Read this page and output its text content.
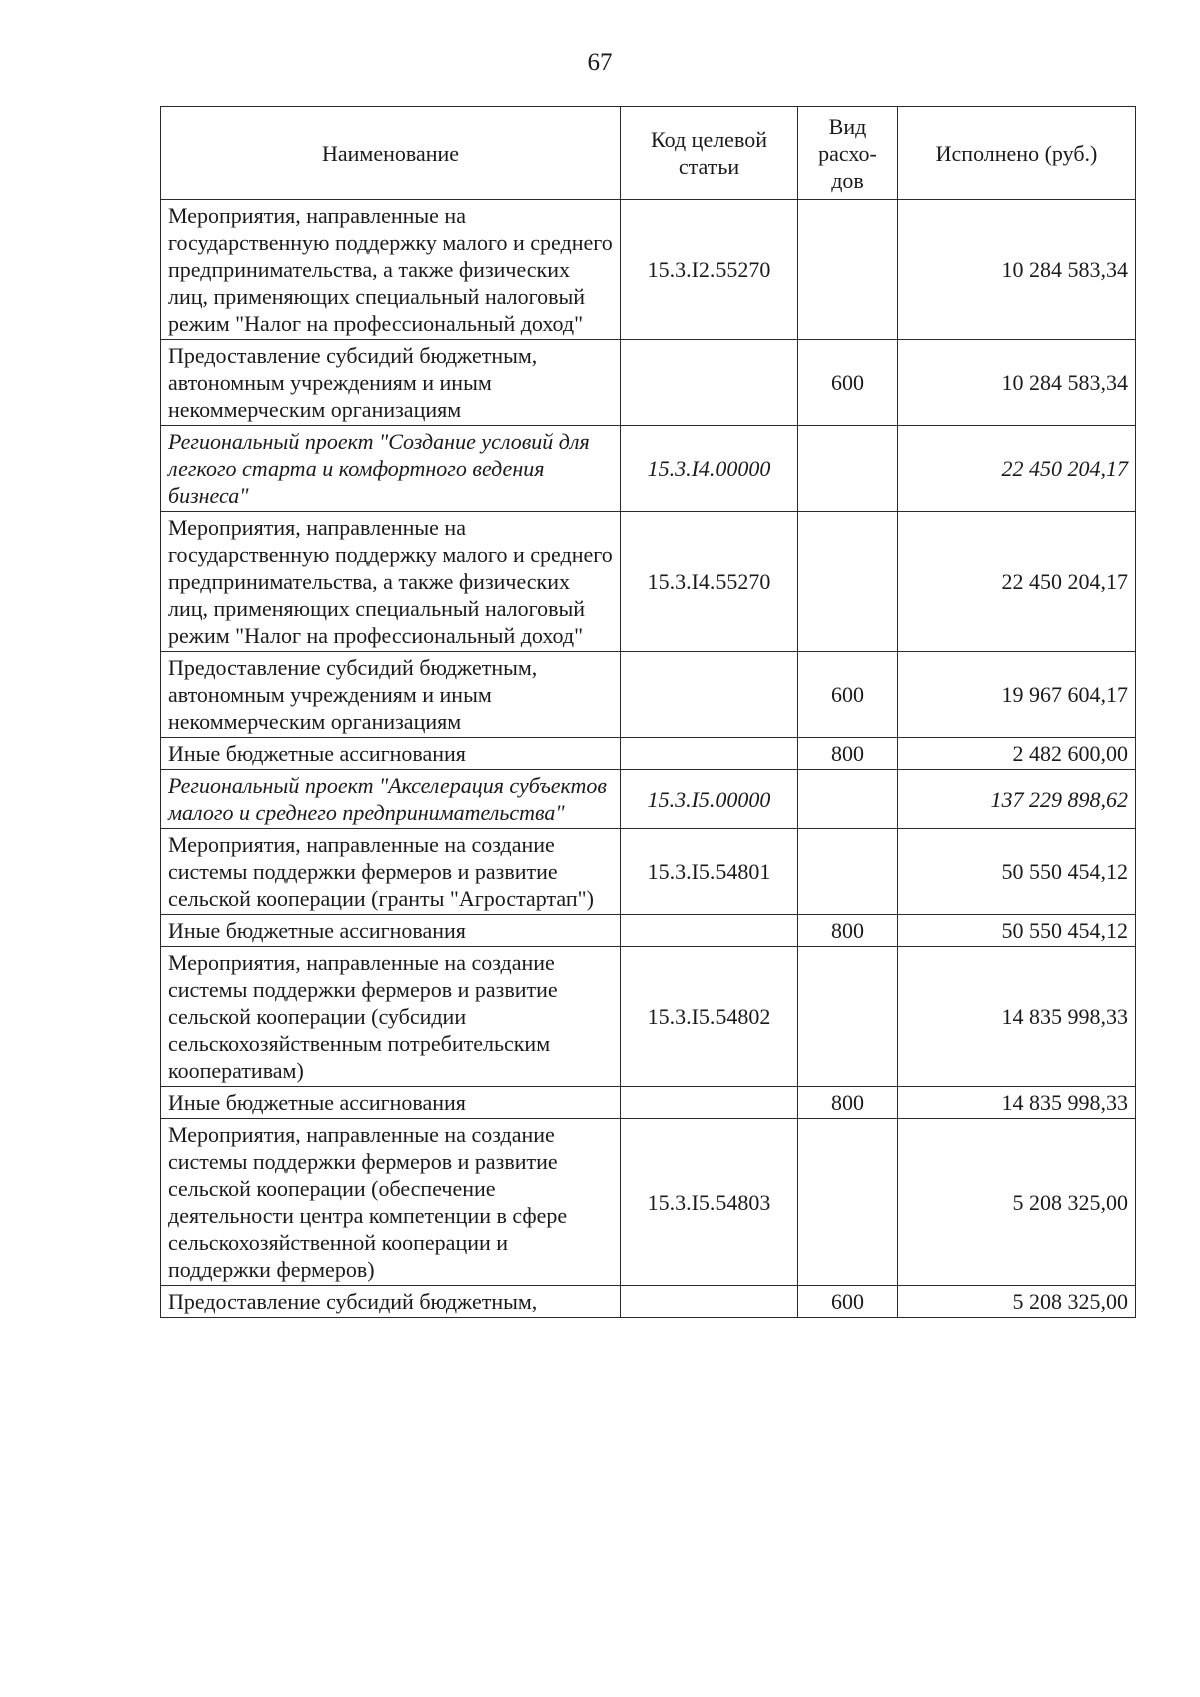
67
Наименование	Код целевой статьи	Вид расхо- дов	Исполнено (руб.)
Мероприятия, направленные на государственную поддержку малого и среднего предпринимательства, а также физических лиц, применяющих специальный налоговый режим "Налог на профессиональный доход"	15.3.I2.55270		10 284 583,34
Предоставление субсидий бюджетным, автономным учреждениям и иным некоммерческим организациям		600	10 284 583,34
Региональный проект "Создание условий для легкого старта и комфортного ведения бизнеса"	15.3.I4.00000		22 450 204,17
Мероприятия, направленные на государственную поддержку малого и среднего предпринимательства, а также физических лиц, применяющих специальный налоговый режим "Налог на профессиональный доход"	15.3.I4.55270		22 450 204,17
Предоставление субсидий бюджетным, автономным учреждениям и иным некоммерческим организациям		600	19 967 604,17
Иные бюджетные ассигнования		800	2 482 600,00
Региональный проект "Акселерация субъектов малого и среднего предпринимательства"	15.3.I5.00000		137 229 898,62
Мероприятия, направленные на создание системы поддержки фермеров и развитие сельской кооперации (гранты "Агростартап")	15.3.I5.54801		50 550 454,12
Иные бюджетные ассигнования		800	50 550 454,12
Мероприятия, направленные на создание системы поддержки фермеров и развитие сельской кооперации (субсидии сельскохозяйственным потребительским кооперативам)	15.3.I5.54802		14 835 998,33
Иные бюджетные ассигнования		800	14 835 998,33
Мероприятия, направленные на создание системы поддержки фермеров и развитие сельской кооперации (обеспечение деятельности центра компетенции в сфере сельскохозяйственной кооперации и поддержки фермеров)	15.3.I5.54803		5 208 325,00
Предоставление субсидий бюджетным,		600	5 208 325,00
